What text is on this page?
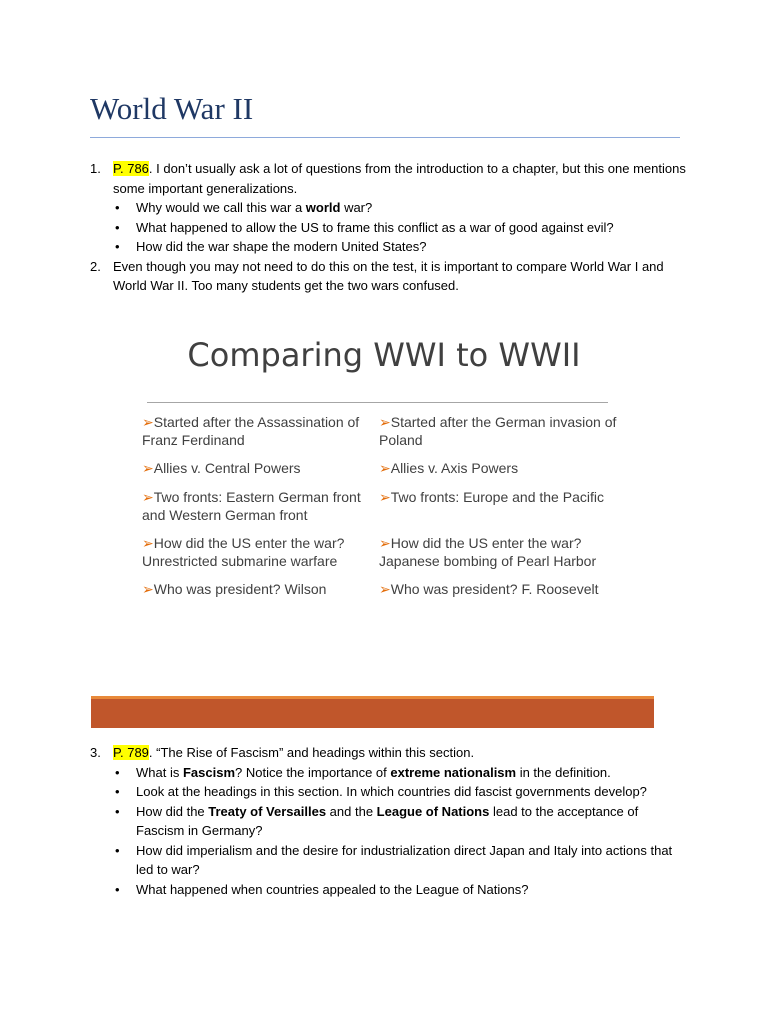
World War II
1. P. 786. I don’t usually ask a lot of questions from the introduction to a chapter, but this one mentions some important generalizations.
• Why would we call this war a world war?
• What happened to allow the US to frame this conflict as a war of good against evil?
• How did the war shape the modern United States?
2. Even though you may not need to do this on the test, it is important to compare World War I and World War II. Too many students get the two wars confused.
Comparing WWI to WWII
➢Started after the Assassination of Franz Ferdinand
➢Allies v. Central Powers
➢Two fronts: Eastern German front and Western German front
➢How did the US enter the war? Unrestricted submarine warfare
➢Who was president? Wilson
➢Started after the German invasion of Poland
➢Allies v. Axis Powers
➢Two fronts: Europe and the Pacific
➢How did the US enter the war? Japanese bombing of Pearl Harbor
➢Who was president? F. Roosevelt
3. P. 789. “The Rise of Fascism” and headings within this section.
• What is Fascism? Notice the importance of extreme nationalism in the definition.
• Look at the headings in this section. In which countries did fascist governments develop?
• How did the Treaty of Versailles and the League of Nations lead to the acceptance of Fascism in Germany?
• How did imperialism and the desire for industrialization direct Japan and Italy into actions that led to war?
• What happened when countries appealed to the League of Nations?
